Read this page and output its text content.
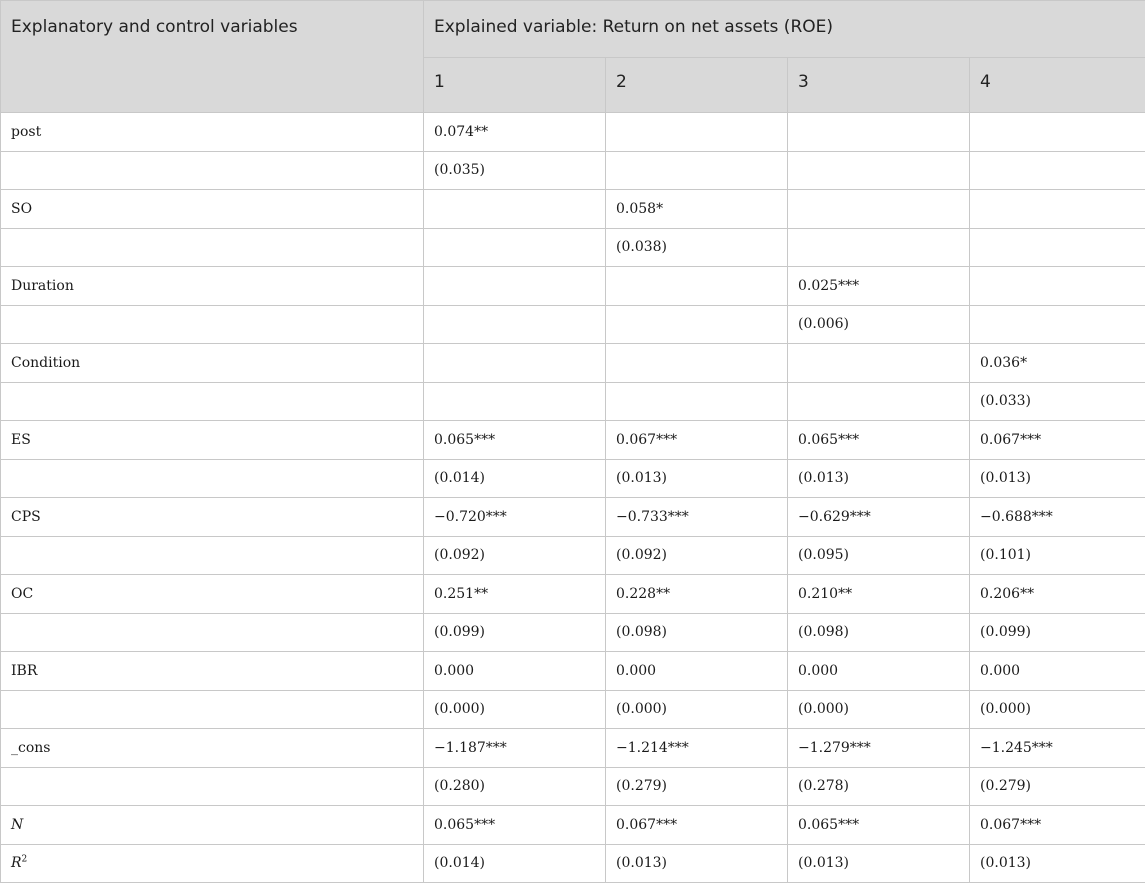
Explanatory and control variables	Explained variable: Return on net assets (ROE)			
	1	2	3	4
post	0.074**			
	(0.035)			
SO		0.058*		
		(0.038)		
Duration			0.025***	
			(0.006)	
Condition				0.036*
				(0.033)
ES	0.065***	0.067***	0.065***	0.067***
	(0.014)	(0.013)	(0.013)	(0.013)
CPS	−0.720***	−0.733***	−0.629***	−0.688***
	(0.092)	(0.092)	(0.095)	(0.101)
OC	0.251**	0.228**	0.210**	0.206**
	(0.099)	(0.098)	(0.098)	(0.099)
IBR	0.000	0.000	0.000	0.000
	(0.000)	(0.000)	(0.000)	(0.000)
_cons	−1.187***	−1.214***	−1.279***	−1.245***
	(0.280)	(0.279)	(0.278)	(0.279)
N	0.065***	0.067***	0.065***	0.067***
$R^2$	(0.014)	(0.013)	(0.013)	(0.013)
